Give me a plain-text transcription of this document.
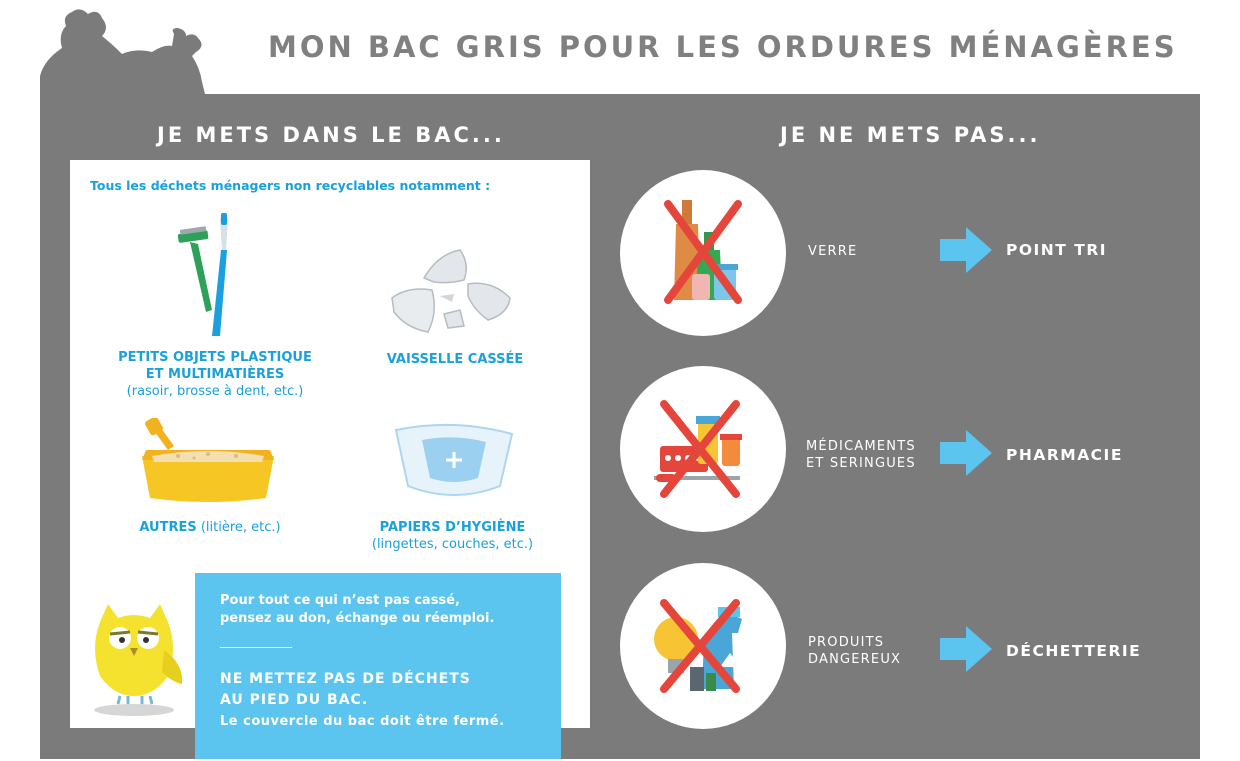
MON BAC GRIS POUR LES ORDURES MÉNAGÈRES
JE METS DANS LE BAC...	JE NE METS PAS...
Tous les déchets ménagers non recyclables notamment :
PETITS OBJETS PLASTIQUE
ET MULTIMATIÈRES
(rasoir, brosse à dent, etc.)
VAISSELLE CASSÉE
AUTRES (litière, etc.)	PAPIERS D’HYGIÈNE
(lingettes, couches, etc.)
Pour tout ce qui n’est pas cassé,
pensez au don, échange ou réemploi.
NE METTEZ PAS DE DÉCHETS
AU PIED DU BAC.
Le couvercle du bac doit être fermé.
VERRE
MÉDICAMENTS
ET SERINGUES
PRODUITS
DANGEREUX
POINT TRI
PHARMACIE
DÉCHETTERIE
